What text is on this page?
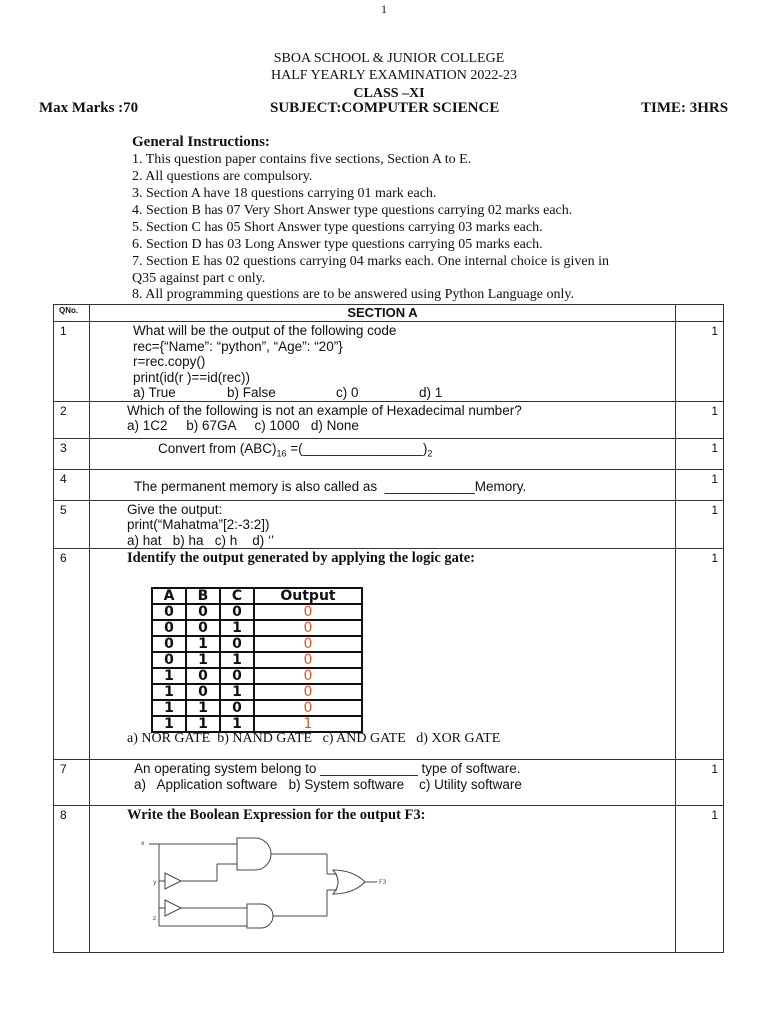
1
SBOA SCHOOL & JUNIOR COLLEGE
HALF YEARLY EXAMINATION 2022-23
CLASS –XI
Max Marks :70	SUBJECT:COMPUTER SCIENCE	TIME: 3HRS
General Instructions:
1. This question paper contains five sections, Section A to E.
2. All questions are compulsory.
3. Section A have 18 questions carrying 01 mark each.
4. Section B has 07 Very Short Answer type questions carrying 02 marks each.
5. Section C has 05 Short Answer type questions carrying 03 marks each.
6. Section D has 03 Long Answer type questions carrying 05 marks each.
7. Section E has 02 questions carrying 04 marks each. One internal choice is given in
Q35 against part c only.
8. All programming questions are to be answered using Python Language only.
QNo.	SECTION A	
1	What will be the output of the following code
rec={“Name”: “python”, “Age”: “20”}
r=rec.copy()
print(id(r )==id(rec))
a) True	b) False	c) 0	d) 1
	1
2	Which of the following is not an example of Hexadecimal number?
a) 1C2     b) 67GA     c) 1000   d) None
	1
3	Convert from $(ABC)_{16}$ $=(\_\_\_\_\_\_\_\_\_\_\_\_\_\_\_\_)_2$	1
4	The permanent memory is also called as  ____________Memory.	1
5	Give the output:
print(“Mahatma”[2:-3:2])
a) hat   b) ha   c) h    d) ‘’
	1
6	Identify the output generated by applying the logic gate:
A	B	C	Output
0	0	0	0
0	0	1	0
0	1	0	0
0	1	1	0
1	0	0	0
1	0	1	0
1	1	0	0
1	1	1	1
a) NOR GATE  b) NAND GATE   c) AND GATE   d) XOR GATE
	1
7	An operating system belong to _____________ type of software.
a)   Application software   b) System software    c) Utility software
	1
8	Write the Boolean Expression for the output F3:
x
y
z
F3
	1
